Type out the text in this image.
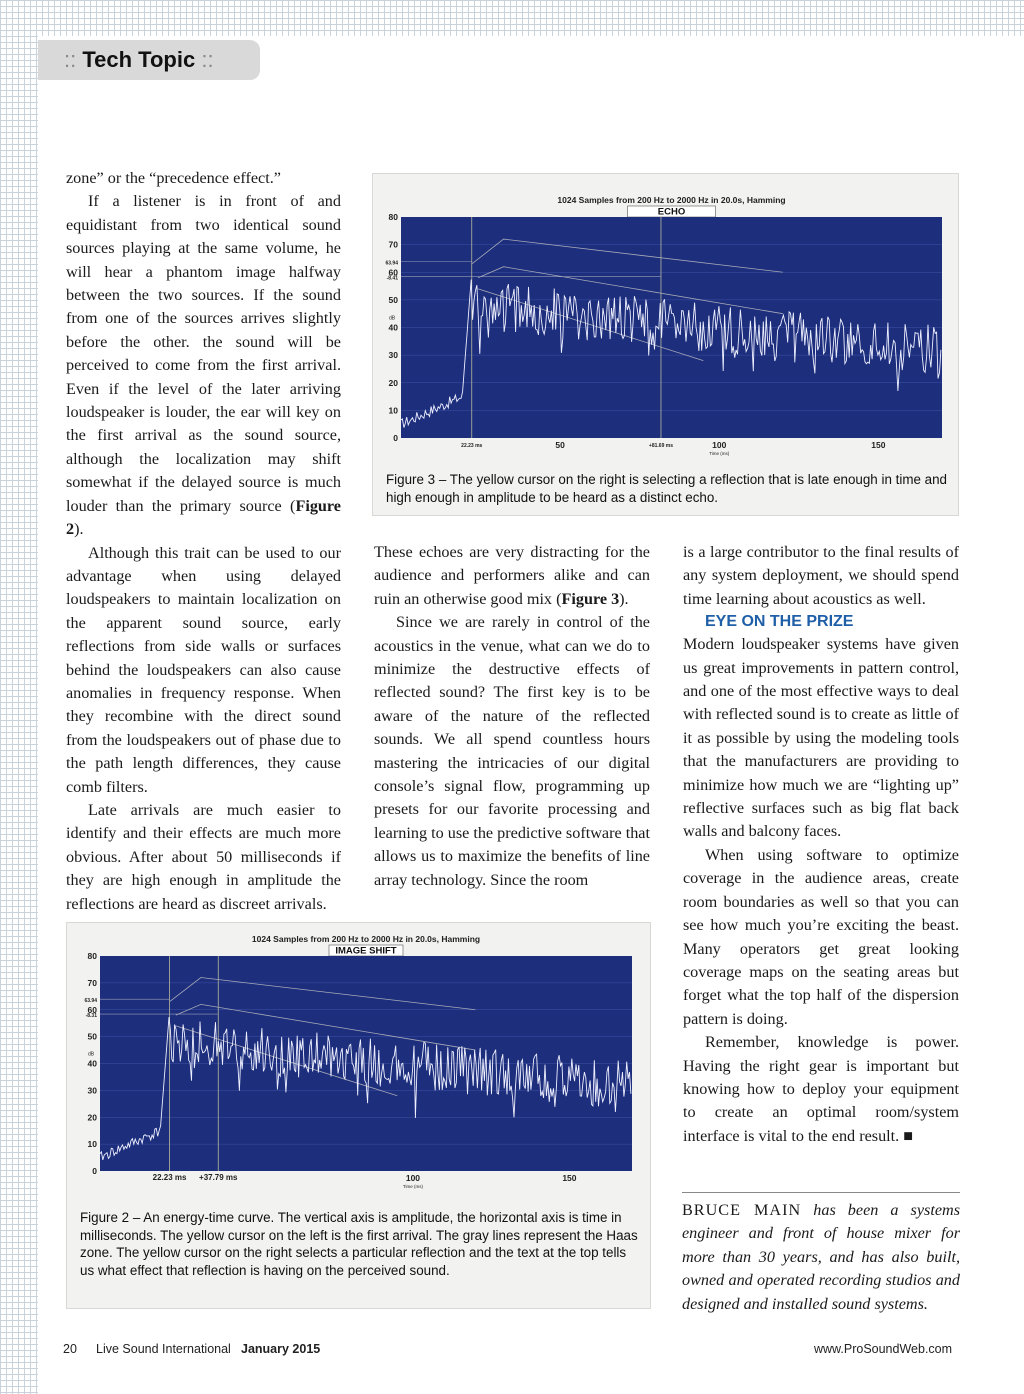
:: Tech Topic ::

zone” or the “precedence effect.”

If a listener is in front of and equidistant from two identical sound sources playing at the same volume, he will hear a phantom image halfway between the two sources. If the sound from one of the sources arrives slightly before the other. the sound will be perceived to come from the first arrival. Even if the level of the later arriving loudspeaker is louder, the ear will key on the first arrival as the sound source, although the localization may shift somewhat if the delayed source is much louder than the primary source (Figure 2).

Although this trait can be used to our advantage when using delayed loudspeakers to maintain localization on the apparent sound source, early reflections from side walls or surfaces behind the loudspeakers can also cause anomalies in frequency response. When they recombine with the direct sound from the loudspeakers out of phase due to the path length differences, they cause comb filters.

Late arrivals are much easier to identify and their effects are much more obvious. After about 50 milliseconds if they are high enough in amplitude the reflections are heard as discreet arrivals.

These echoes are very distracting for the audience and performers alike and can ruin an otherwise good mix (Figure 3).

Since we are rarely in control of the acoustics in the venue, what can we do to minimize the destructive effects of reflected sound? The first key is to be aware of the nature of the reflected sounds. We all spend countless hours mastering the intricacies of our digital console’s signal flow, programming up presets for our favorite processing and learning to use the predictive software that allows us to maximize the benefits of line array technology. Since the room

is a large contributor to the final results of any system deployment, we should spend time learning about acoustics as well.

EYE ON THE PRIZE

Modern loudspeaker systems have given us great improvements in pattern control, and one of the most effective ways to deal with reflected sound is to create as little of it as possible by using the modeling tools that the manufacturers are providing to minimize how much we are “lighting up” reflective surfaces such as big flat back walls and balcony faces.

When using software to optimize coverage in the audience areas, create room boundaries as well so that you can see how much you’re exciting the beast. Many operators get great looking coverage maps on the seating areas but forget what the top half of the dispersion pattern is doing.

Remember, knowledge is power. Having the right gear is important but knowing how to deploy your equipment to create an optimal room/system interface is vital to the end result. ■

1024 Samples from 200 Hz to 2000 Hz in 20.0s, Hamming
ECHO
80
70
63.94
60
-8.41
50
40
30
20
10
0
dB
50	100	150
Time (ms)
22.23 ms	+81.69 ms
Figure 3 – The yellow cursor on the right is selecting a reflection that is late enough in time and high enough in amplitude to be heard as a distinct echo.
1024 Samples from 200 Hz to 2000 Hz in 20.0s, Hamming
IMAGE SHIFT
80
70
63.94
60
-8.31
50
40
30
20
10
0
dB
100	150
Time (ms)
22.23 ms +37.79 ms
Figure 2 – An energy-time curve. The vertical axis is amplitude, the horizontal axis is time in milliseconds. The yellow cursor on the left is the first arrival. The gray lines represent the Haas zone. The yellow cursor on the right selects a particular reflection and the text at the top tells us what effect that reflection is having on the perceived sound.
BRUCE MAIN has been a systems engineer and front of house mixer for more than 30 years, and has also built, owned and operated recording studios and designed and installed sound systems.
20 Live Sound International January 2015	www.ProSoundWeb.com
